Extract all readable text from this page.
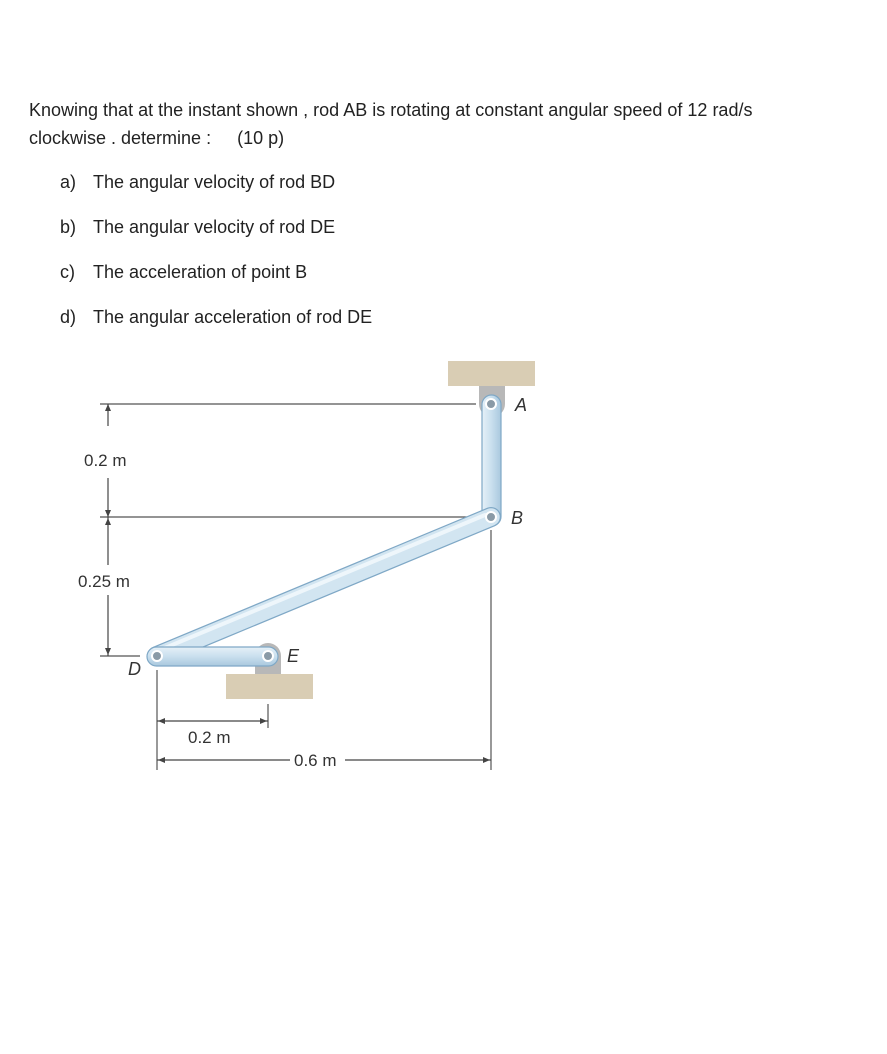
Knowing that at the instant shown , rod AB is rotating at constant angular speed of 12 rad/s
clockwise . determine : (10 p)
a) The angular velocity of rod BD
b) The angular velocity of rod DE
c)	The acceleration of point B
d) The angular acceleration of rod DE
0.2 m
0.25 m
0.2 m
0.6 m
A
B
D
E
